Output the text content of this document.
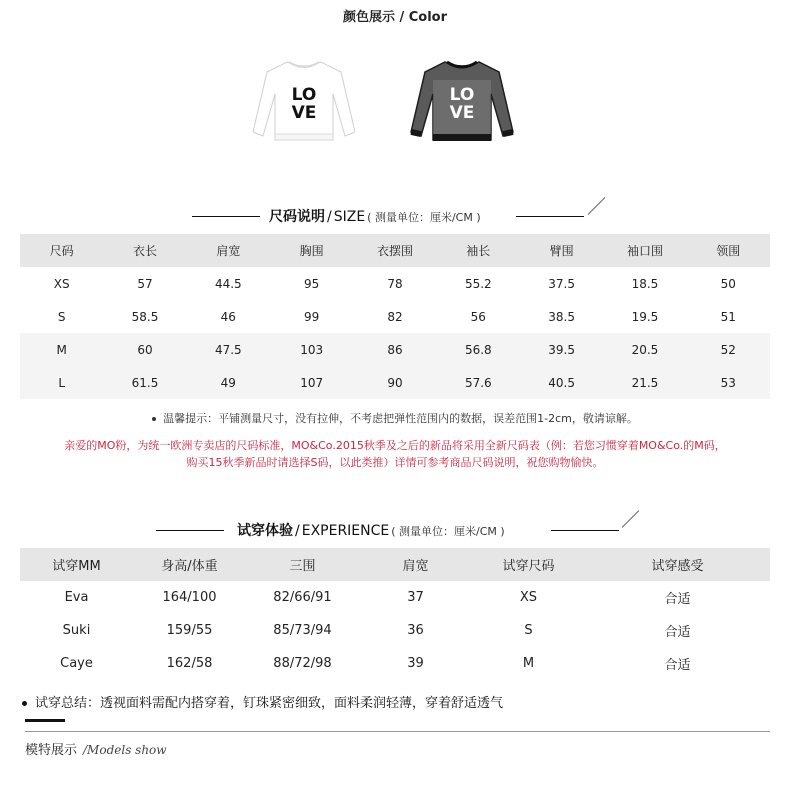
颜色展示 / Color
LO
VE
LO
VE
尺码说明 / SIZE ( 测量单位：厘米/CM )
尺码	衣长	肩宽	胸围	衣摆围	袖长	臂围	袖口围	领围
XS	57	44.5	95	78	55.2	37.5	18.5	50
S	58.5	46	99	82	56	38.5	19.5	51
M	60	47.5	103	86	56.8	39.5	20.5	52
L	61.5	49	107	90	57.6	40.5	21.5	53
温馨提示：平铺测量尺寸，没有拉伸，不考虑把弹性范围内的数据，误差范围1-2cm，敬请谅解。
亲爱的MO粉，为统一欧洲专卖店的尺码标准，MO&Co.2015秋季及之后的新品将采用全新尺码表（例：若您习惯穿着MO&Co.的M码，
购买15秋季新品时请选择S码，以此类推）详情可参考商品尺码说明，祝您购物愉快。
试穿体验 / EXPERIENCE ( 测量单位：厘米/CM )
试穿MM	身高/体重	三围	肩宽	试穿尺码	试穿感受
Eva	164/100	82/66/91	37	XS	合适
Suki	159/55	85/73/94	36	S	合适
Caye	162/58	88/72/98	39	M	合适
试穿总结：透视面料需配内搭穿着，钉珠紧密细致，面料柔润轻薄，穿着舒适透气
模特展示 /Models show
